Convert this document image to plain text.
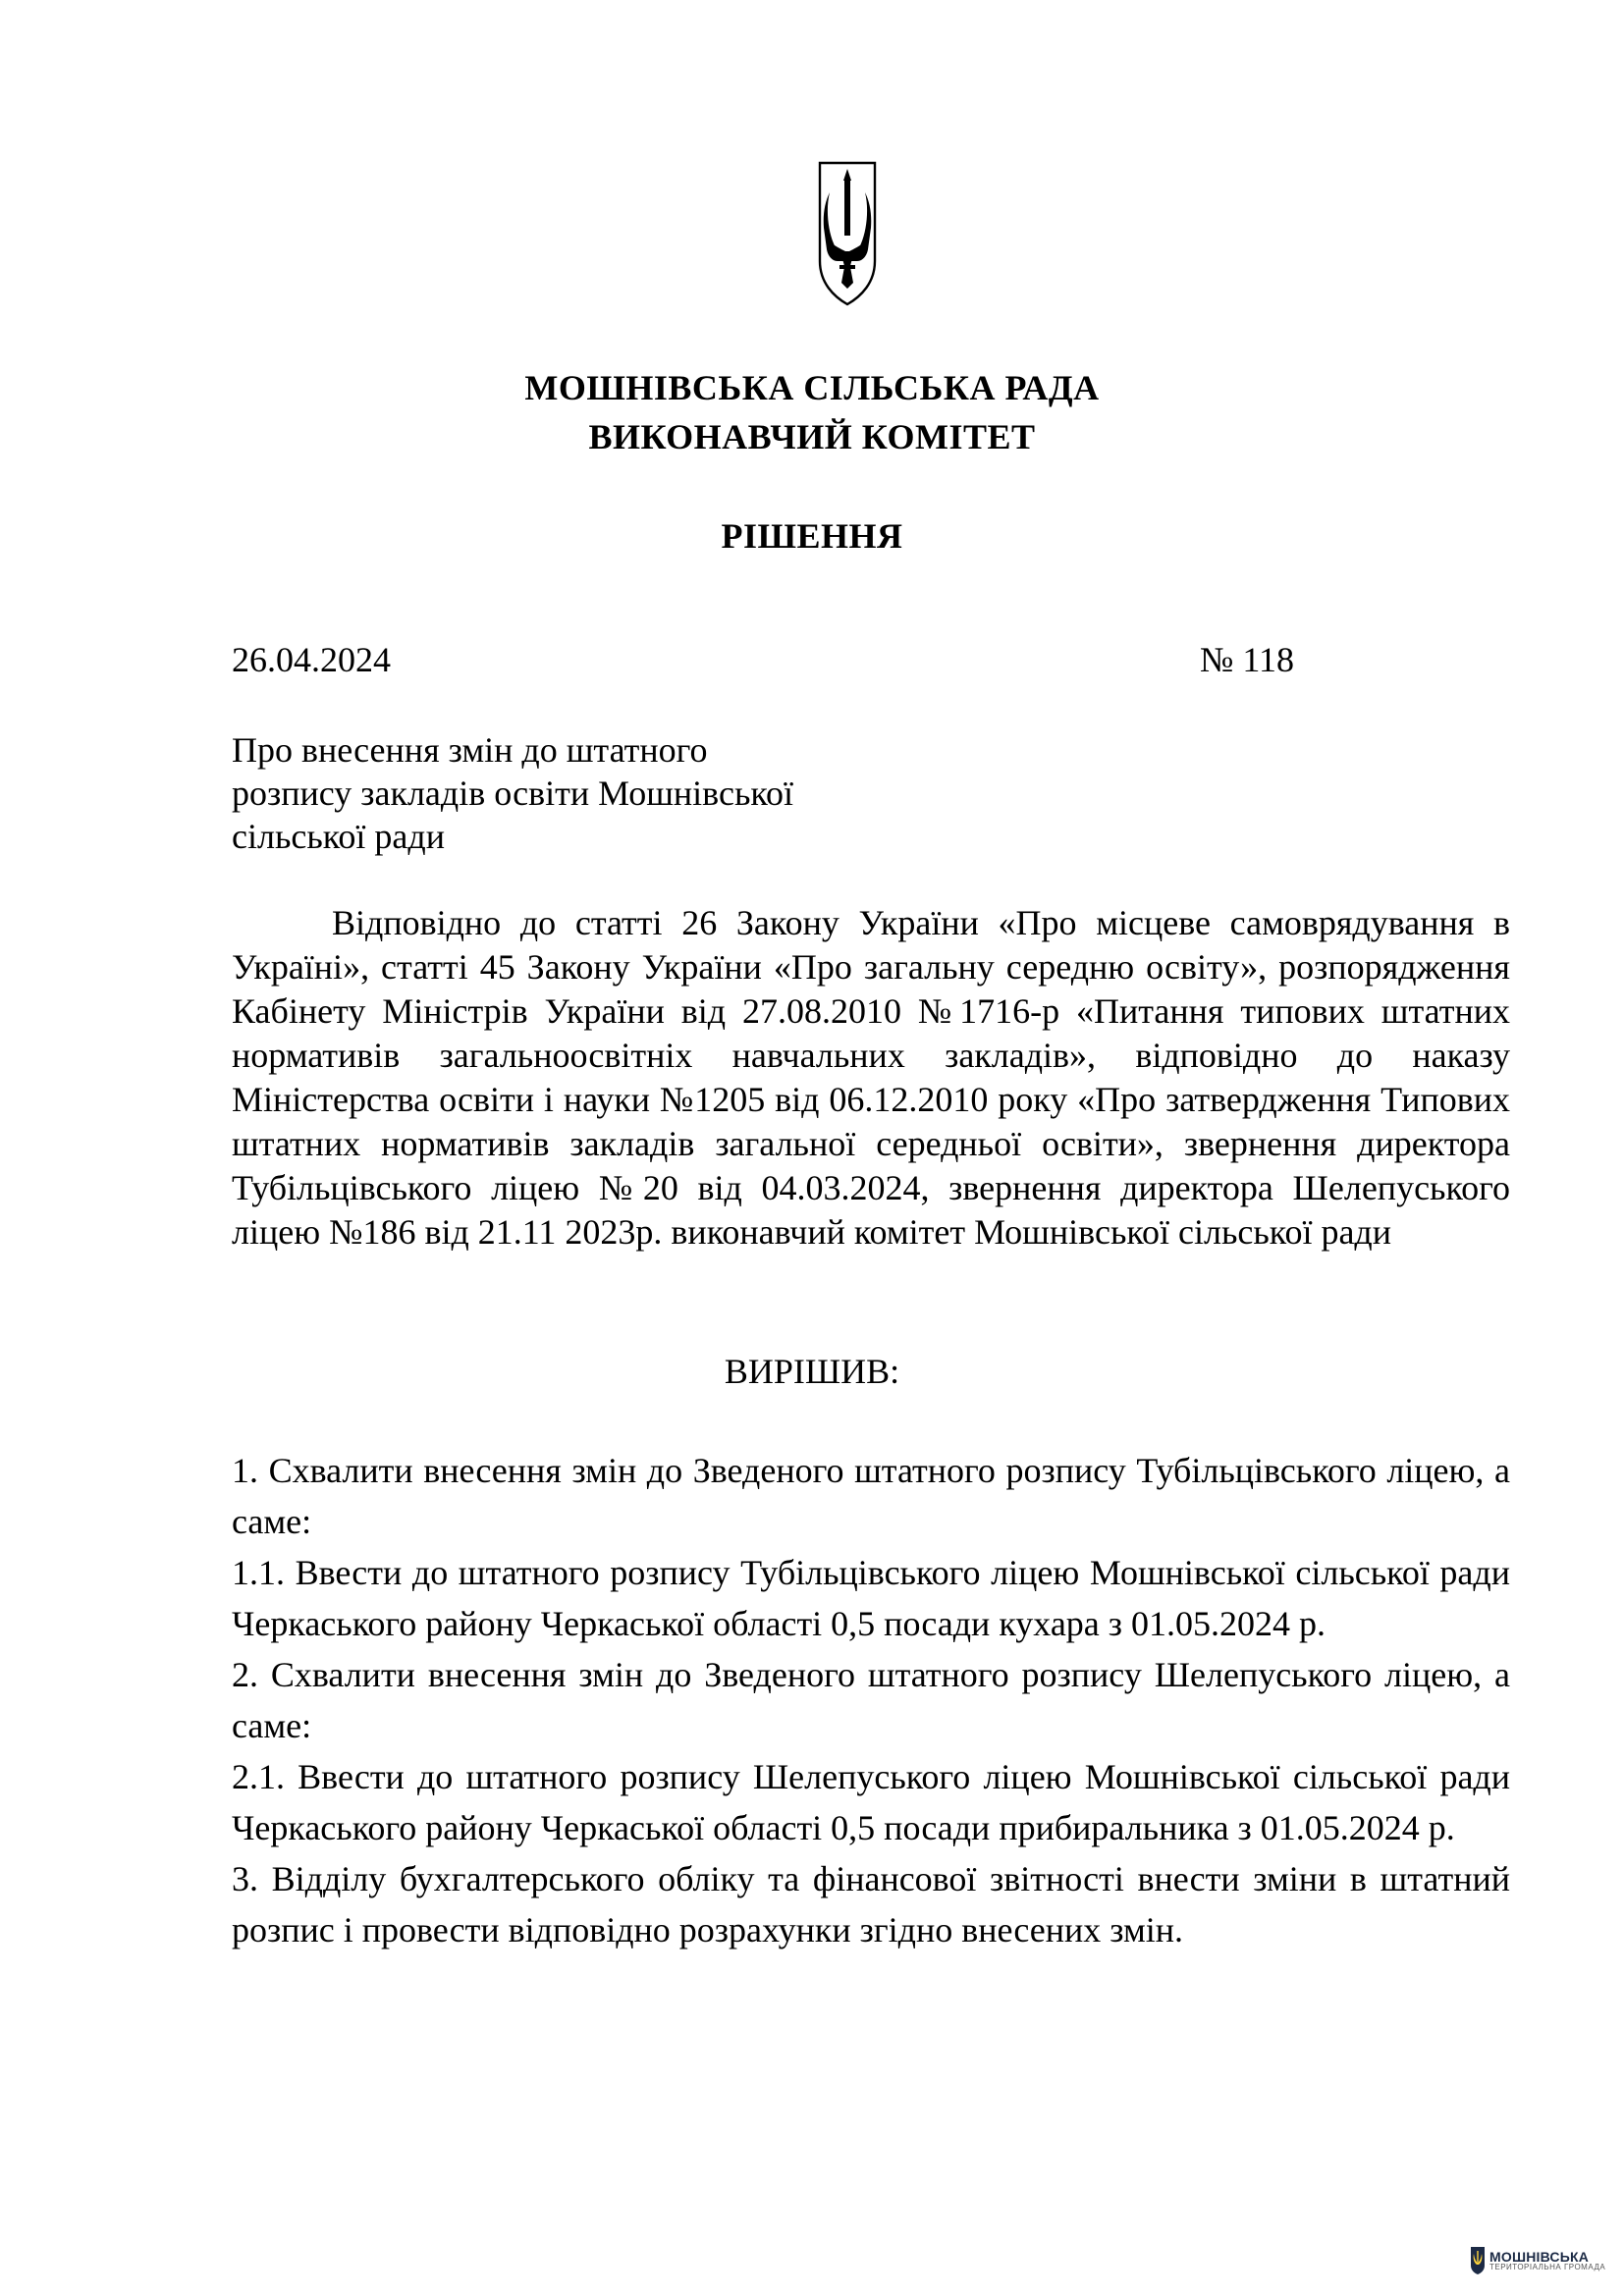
МОШНІВСЬКА СІЛЬСЬКА РАДА
ВИКОНАВЧИЙ КОМІТЕТ
РІШЕННЯ
26.04.2024	№ 118
Про внесення змін до штатного
розпису закладів освіти Мошнівської
сільської ради

Відповідно до статті 26 Закону України «Про місцеве самоврядування в Україні», статті 45 Закону України «Про загальну середню освіту», розпорядження Кабінету Міністрів України від 27.08.2010 №1716-р «Питання типових штатних нормативів загальноосвітніх навчальних закладів», відповідно до наказу Міністерства освіти і науки №1205 від 06.12.2010 року «Про затвердження Типових штатних нормативів закладів загальної середньої освіти», звернення директора Тубільцівського ліцею №20 від 04.03.2024, звернення директора Шелепуського ліцею №186 від 21.11 2023р. виконавчий комітет Мошнівської сільської ради

ВИРІШИВ:

1. Схвалити внесення змін до Зведеного штатного розпису Тубільцівського ліцею, а саме:

1.1. Ввести до штатного розпису Тубільцівського ліцею Мошнівської сільської ради Черкаського району Черкаської області 0,5 посади кухара з 01.05.2024 р.

2. Схвалити внесення змін до Зведеного штатного розпису Шелепуського ліцею, а саме:

2.1. Ввести до штатного розпису Шелепуського ліцею Мошнівської сільської ради Черкаського району Черкаської області 0,5 посади прибиральника з 01.05.2024 р.

3. Відділу бухгалтерського обліку та фінансової звітності внести зміни в штатний розпис і провести відповідно розрахунки згідно внесених змін.

МОШНІВСЬКА
ТЕРИТОРІАЛЬНА ГРОМАДА
